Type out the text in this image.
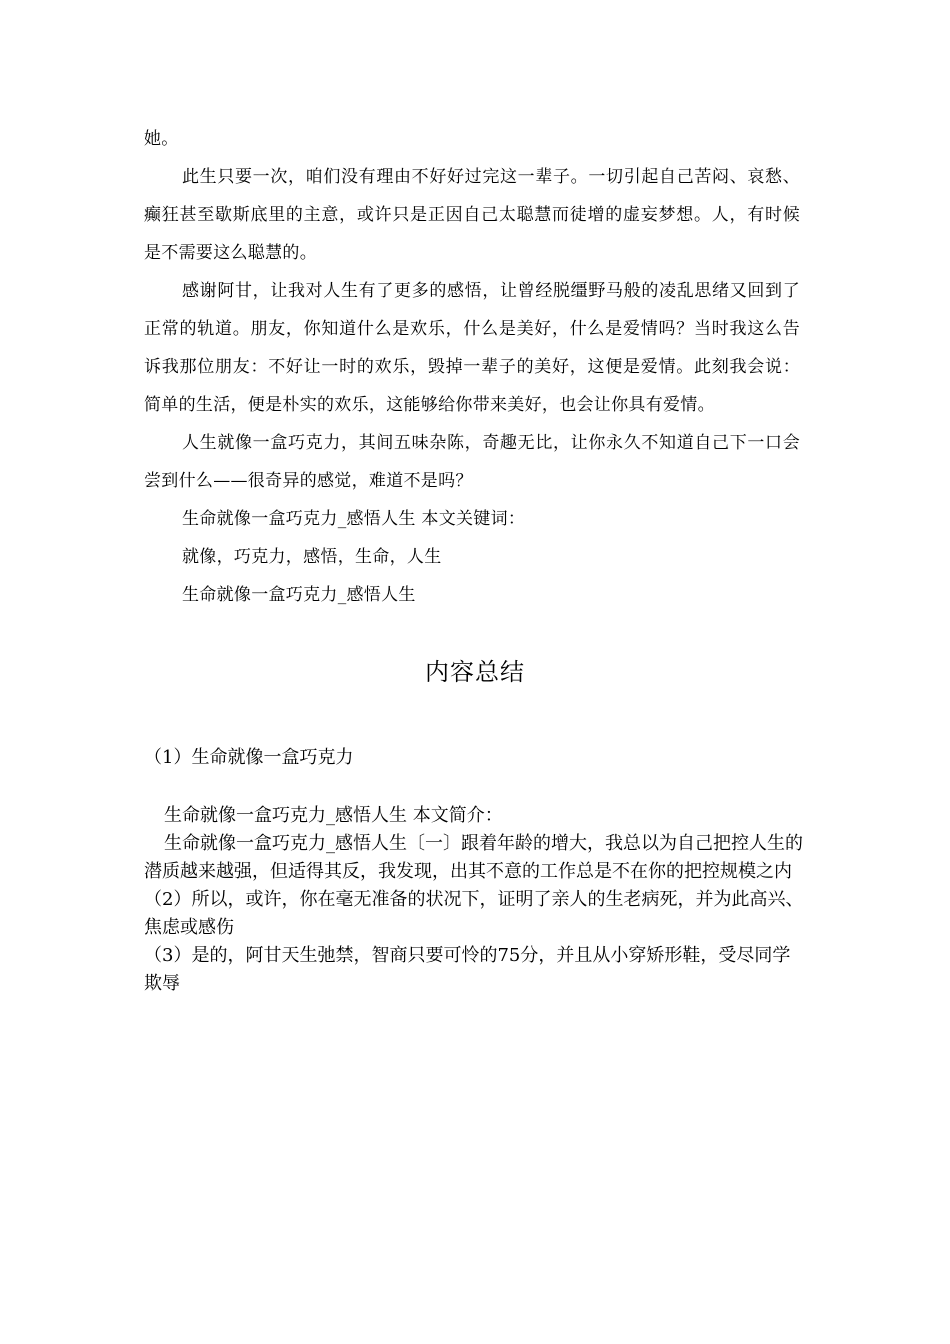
她。

此生只要一次，咱们没有理由不好好过完这一辈子。一切引起自己苦闷、哀愁、癫狂甚至歇斯底里的主意，或许只是正因自己太聪慧而徒增的虚妄梦想。人，有时候是不需要这么聪慧的。

感谢阿甘，让我对人生有了更多的感悟，让曾经脱缰野马般的凌乱思绪又回到了正常的轨道。朋友，你知道什么是欢乐，什么是美好，什么是爱情吗？当时我这么告诉我那位朋友：不好让一时的欢乐，毁掉一辈子的美好，这便是爱情。此刻我会说：简单的生活，便是朴实的欢乐，这能够给你带来美好，也会让你具有爱情。

人生就像一盒巧克力，其间五味杂陈，奇趣无比，让你永久不知道自己下一口会尝到什么——很奇异的感觉，难道不是吗？

生命就像一盒巧克力_感悟人生 本文关键词：

就像，巧克力，感悟，生命，人生

生命就像一盒巧克力_感悟人生

内容总结

（1）生命就像一盒巧克力

生命就像一盒巧克力_感悟人生 本文简介：

生命就像一盒巧克力_感悟人生〔一〕跟着年龄的增大，我总以为自己把控人生的潜质越来越强，但适得其反，我发现，出其不意的工作总是不在你的把控规模之内

（2）所以，或许，你在毫无准备的状况下，证明了亲人的生老病死，并为此高兴、焦虑或感伤

（3）是的，阿甘天生弛禁，智商只要可怜的75分，并且从小穿矫形鞋，受尽同学欺辱
